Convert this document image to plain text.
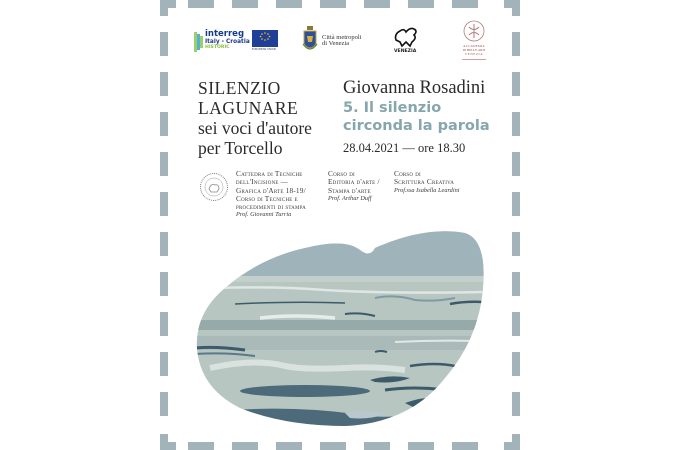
interreg
Italy - Croatia
HISTORIC	EUROPEAN UNION
Città metropoli
di Venezia
VENEZIA
ACCADEMIA
DI BELLE ARTI
VENEZIA
SILENZIO
LAGUNARE
sei voci d'autore
per Torcello
Giovanna Rosadini
5. Il silenzio
circonda la parola
28.04.2021 — ore 18.30
Cattedra di Tecniche
dell'Incisione —
Grafica d'Arte 18-19/
Corso di Tecniche e
procedimenti di stampa
Prof. Giovanni Turria
Corso di
Editoria d'arte /
Stampa d'arte
Prof. Arthur Duff
Corso di
Scrittura Creativa
Prof.ssa Isabella Leardini
